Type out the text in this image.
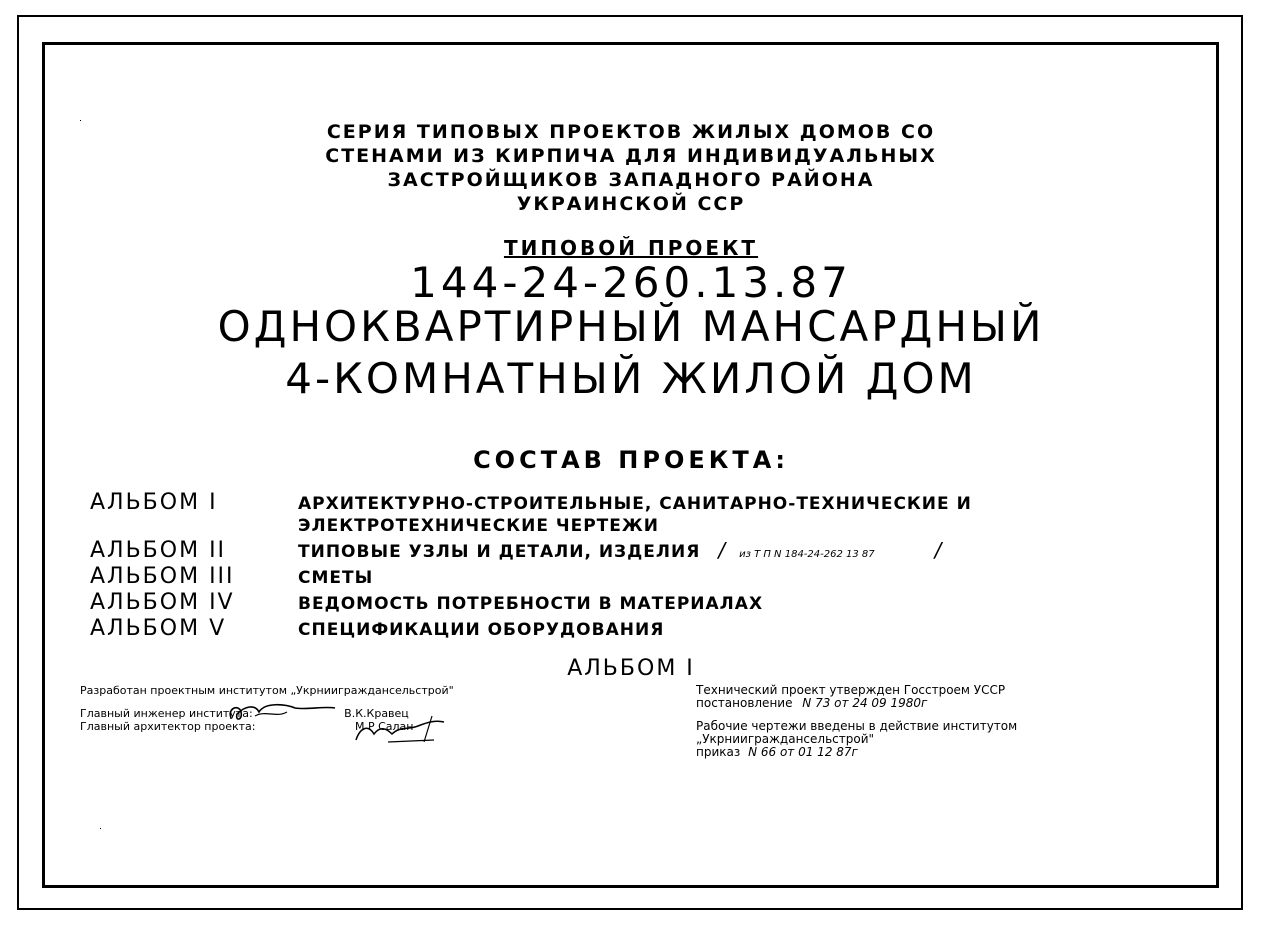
СЕРИЯ ТИПОВЫХ ПРОЕКТОВ ЖИЛЫХ ДОМОВ СО
СТЕНАМИ ИЗ КИРПИЧА ДЛЯ ИНДИВИДУАЛЬНЫХ
ЗАСТРОЙЩИКОВ ЗАПАДНОГО РАЙОНА
УКРАИНСКОЙ ССР
ТИПОВОЙ ПРОЕКТ
144-24-260.13.87
ОДНОКВАРТИРНЫЙ МАНСАРДНЫЙ
4-КОМНАТНЫЙ ЖИЛОЙ ДОМ
СОСТАВ ПРОЕКТА:
АЛЬБОМ I	АРХИТЕКТУРНО-СТРОИТЕЛЬНЫЕ, САНИТАРНО-ТЕХНИЧЕСКИЕ И
ЭЛЕКТРОТЕХНИЧЕСКИЕ ЧЕРТЕЖИ
АЛЬБОМ II	ТИПОВЫЕ УЗЛЫ И ДЕТАЛИ, ИЗДЕЛИЯ / из Т П N 184-24-262 13 87	/
АЛЬБОМ III	СМЕТЫ
АЛЬБОМ IV	ВЕДОМОСТЬ ПОТРЕБНОСТИ В МАТЕРИАЛАХ
АЛЬБОМ V	СПЕЦИФИКАЦИИ ОБОРУДОВАНИЯ
АЛЬБОМ I
Разработан проектным институтом „Укрниигражданcельстрой"
Главный инженер института:	В.К.Кравец
Главный архитектор проекта:	М Р Салан
Технический проект утвержден Госстроем УССР
постановление N 73 от 24 09 1980г
Рабочие чертежи введены в действие институтом
„Укрниигражданcельстрой"
приказ N 66 от 01 12 87г
